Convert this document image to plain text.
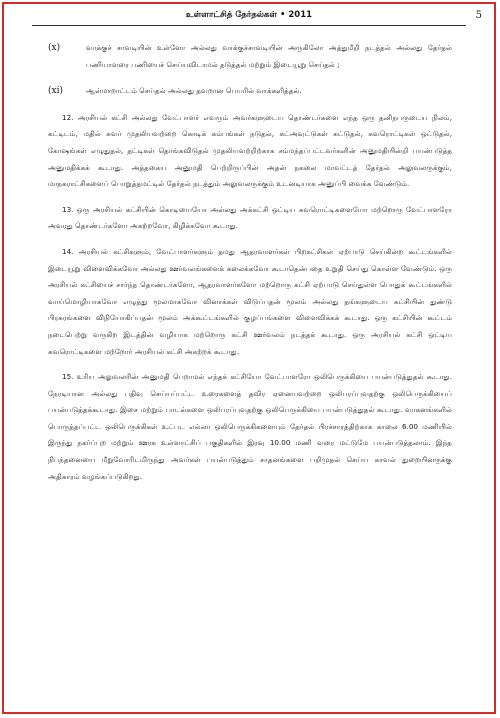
உள்ளாட்சித் தேர்தல்கள் • 2011	5
(x)	வாக்குச் சாவடியின் உள்ளோ அல்லது வாக்குச்சாவடியின் அருகிலோ அத்துமீறி நடத்தல் அல்லது தேர்தல் பணியாளரை பணியைச் செய்யவிடாமல் தடுத்தல் மற்றும் இடையூறு செய்தல் ;
(xi)	ஆள்மாறாட்டம் செய்தல் அல்லது தவறான பெயரில் வாக்களித்தல்.

12. அரசியல் கட்சி அல்லது வேட்பாளர் எவரும் அவர்களுடைய தொண்டர்களை எந்த ஒரு தனிநபருடைய நிலம், கட்டிடம், மதில் சுவர் முதலியவற்றை கொடிக் கம்பங்கள் நடுதல், கட்அவுட்டுகள் கட்டுதல், சுவரொட்டிகள் ஒட்டுதல், கோஷங்கள் எழுதுதல், தட்டிகள் தொங்கவிடுதல் முதலியவற்றிற்காக சம்மந்தப்பட்டவர்களின் அனுமதியின்றி பயன்படுத்த அனுமதிக்கக் கூடாது. அத்தகைய அனுமதி பெற்றிருப்பின் அதன் நகலை மாவட்டத் தேர்தல் அலுவலருக்கும், மாநகராட்சிகளைப் பொறுத்தமட்டில் தேர்தல் நடத்தும் அலுவலருக்கும் உடனடியாக அனுப்பி வைக்க வேண்டும்.

13. ஒரு அரசியல் கட்சியின் கொடியையோ அல்லது அக்கட்சி ஒட்டிய சுவரொட்டிகளையோ மற்றொரு வேட்பாளரோ அவரது தொண்டர்களோ அகற்றவோ, கிழிக்கவோ கூடாது.

14. அரசியல் கட்சிகளும், வேட்பாளர்களும் தமது ஆதரவாளர்கள் பிறகட்சிகள் ஏற்பாடு செய்கின்ற கூட்டங்களில் இடையூறு விளைவிக்கவோ அல்லது ஊர்வலங்களைக் கலைக்கவோ கூடாதென்பதை உறுதி செய்து கொள்ள வேண்டும். ஒரு அரசியல் கட்சியைச் சார்ந்த தொண்டர்களோ, ஆதரவாளர்களோ மற்றொரு கட்சி ஏற்பாடு செய்துள்ள பொதுக் கூட்டங்களில் வாய்மொழியாகவோ எழுத்து மூலமாகவோ வினாக்கள் விடுப்பதன் மூலம் அல்லது தங்களுடைய கட்சியின் துண்டு பிரசுரங்களை விநியோகிப்பதன் மூலம் அக்கூட்டங்களில் குழப்பங்களை விளைவிக்கக் கூடாது. ஒரு கட்சியின் கூட்டம் நடைபெற்று வருகிற இடத்தின் வழியாக மற்றொரு கட்சி ஊர்வலம் நடத்தக் கூடாது. ஒரு அரசியல் கட்சி ஒட்டிய சுவரொட்டிகளை மற்றோர் அரசியல் கட்சி அகற்றக் கூடாது.

15. உரிய அலுவலரின் அனுமதி பெறாமல் எந்தக் கட்சியோ வேட்பாளரோ ஒலிபெருக்கியை பயன்படுத்துதல் கூடாது. நேரடியான அல்லது பதிவு செய்யப்பட்ட உரைகளைத் தவிர ஏனையவற்றை ஒலிபரப்புவதற்கு ஒலிபெருக்கியைப் பயன்படுத்தக்கூடாது. இசை மற்றும் பாடல்களை ஒலிபரப்புவதற்கு ஒலிபெருக்கியை பயன்படுத்துதல் கூடாது. வாகனங்களில் பொருத்தப்பட்ட ஒலிபெருக்கிகள் உட்பட எல்லா ஒலிபெருக்கிகளையும் தேர்தல் பிரச்சாரத்திற்காக காலை 6.00 மணியில் இருந்து நகர்ப்புற மற்றும் ஊரக உள்ளாட்சிப் பகுதிகளில் இரவு 10.00 மணி வரை மட்டுமே பயன்படுத்தலாம். இந்த நிபந்தனையை மீறுவோரிடமிருந்து அவர்கள் பயன்படுத்தும் சாதனங்களை பறிமுதல் செய்ய காவல் துறையினருக்கு அதிகாரம் வழங்கப்படுகிறது.
